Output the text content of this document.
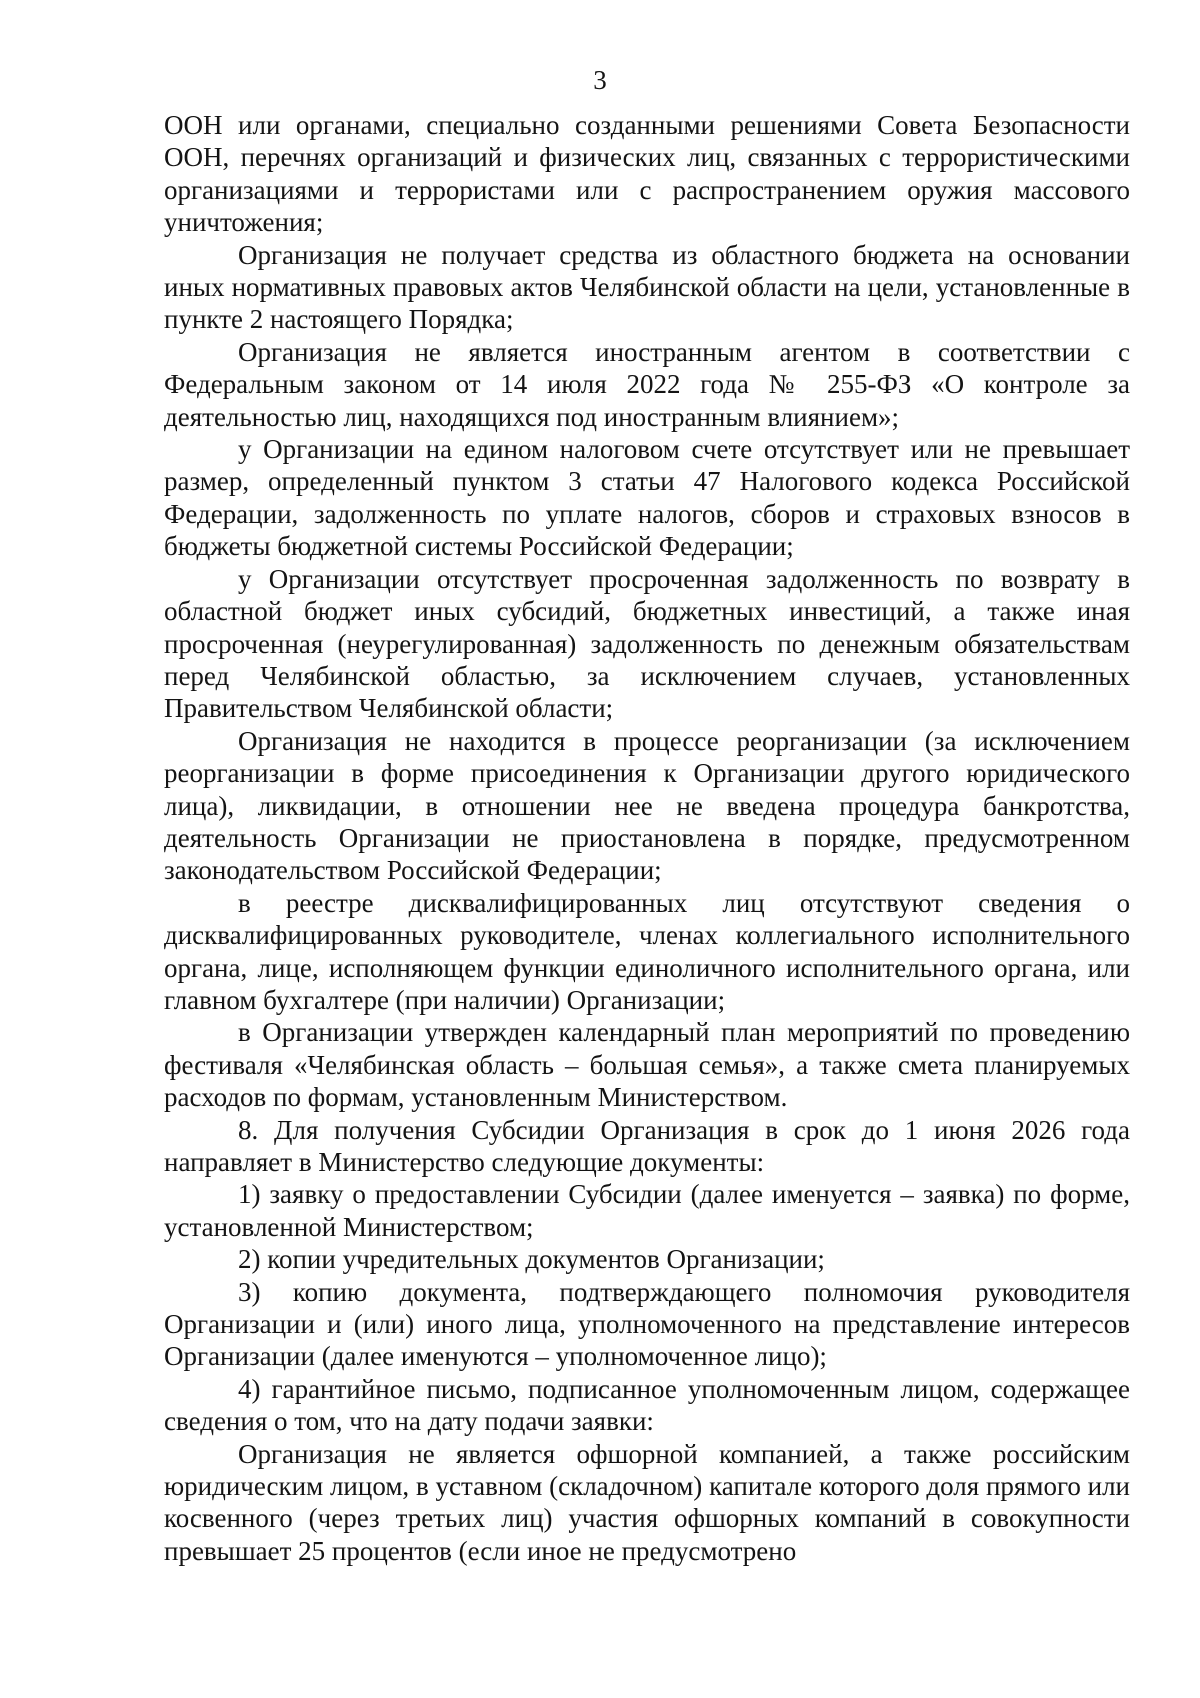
3

ООН или органами, специально созданными решениями Совета Безопасности ООН, перечнях организаций и физических лиц, связанных с террористическими организациями и террористами или с распространением оружия массового уничтожения;

Организация не получает средства из областного бюджета на основании иных нормативных правовых актов Челябинской области на цели, установленные в пункте 2 настоящего Порядка;

Организация не является иностранным агентом в соответствии с Федеральным законом от 14 июля 2022 года № 255-ФЗ «О контроле за деятельностью лиц, находящихся под иностранным влиянием»;

у Организации на едином налоговом счете отсутствует или не превышает размер, определенный пунктом 3 статьи 47 Налогового кодекса Российской Федерации, задолженность по уплате налогов, сборов и страховых взносов в бюджеты бюджетной системы Российской Федерации;

у Организации отсутствует просроченная задолженность по возврату в областной бюджет иных субсидий, бюджетных инвестиций, а также иная просроченная (неурегулированная) задолженность по денежным обязательствам перед Челябинской областью, за исключением случаев, установленных Правительством Челябинской области;

Организация не находится в процессе реорганизации (за исключением реорганизации в форме присоединения к Организации другого юридического лица), ликвидации, в отношении нее не введена процедура банкротства, деятельность Организации не приостановлена в порядке, предусмотренном законодательством Российской Федерации;

в реестре дисквалифицированных лиц отсутствуют сведения о дисквалифицированных руководителе, членах коллегиального исполнительного органа, лице, исполняющем функции единоличного исполнительного органа, или главном бухгалтере (при наличии) Организации;

в Организации утвержден календарный план мероприятий по проведению фестиваля «Челябинская область – большая семья», а также смета планируемых расходов по формам, установленным Министерством.

8. Для получения Субсидии Организация в срок до 1 июня 2026 года направляет в Министерство следующие документы:

1) заявку о предоставлении Субсидии (далее именуется – заявка) по форме, установленной Министерством;

2) копии учредительных документов Организации;

3) копию документа, подтверждающего полномочия руководителя Организации и (или) иного лица, уполномоченного на представление интересов Организации (далее именуются – уполномоченное лицо);

4) гарантийное письмо, подписанное уполномоченным лицом, содержащее сведения о том, что на дату подачи заявки:

Организация не является офшорной компанией, а также российским юридическим лицом, в уставном (складочном) капитале которого доля прямого или косвенного (через третьих лиц) участия офшорных компаний в совокупности превышает 25 процентов (если иное не предусмотрено
